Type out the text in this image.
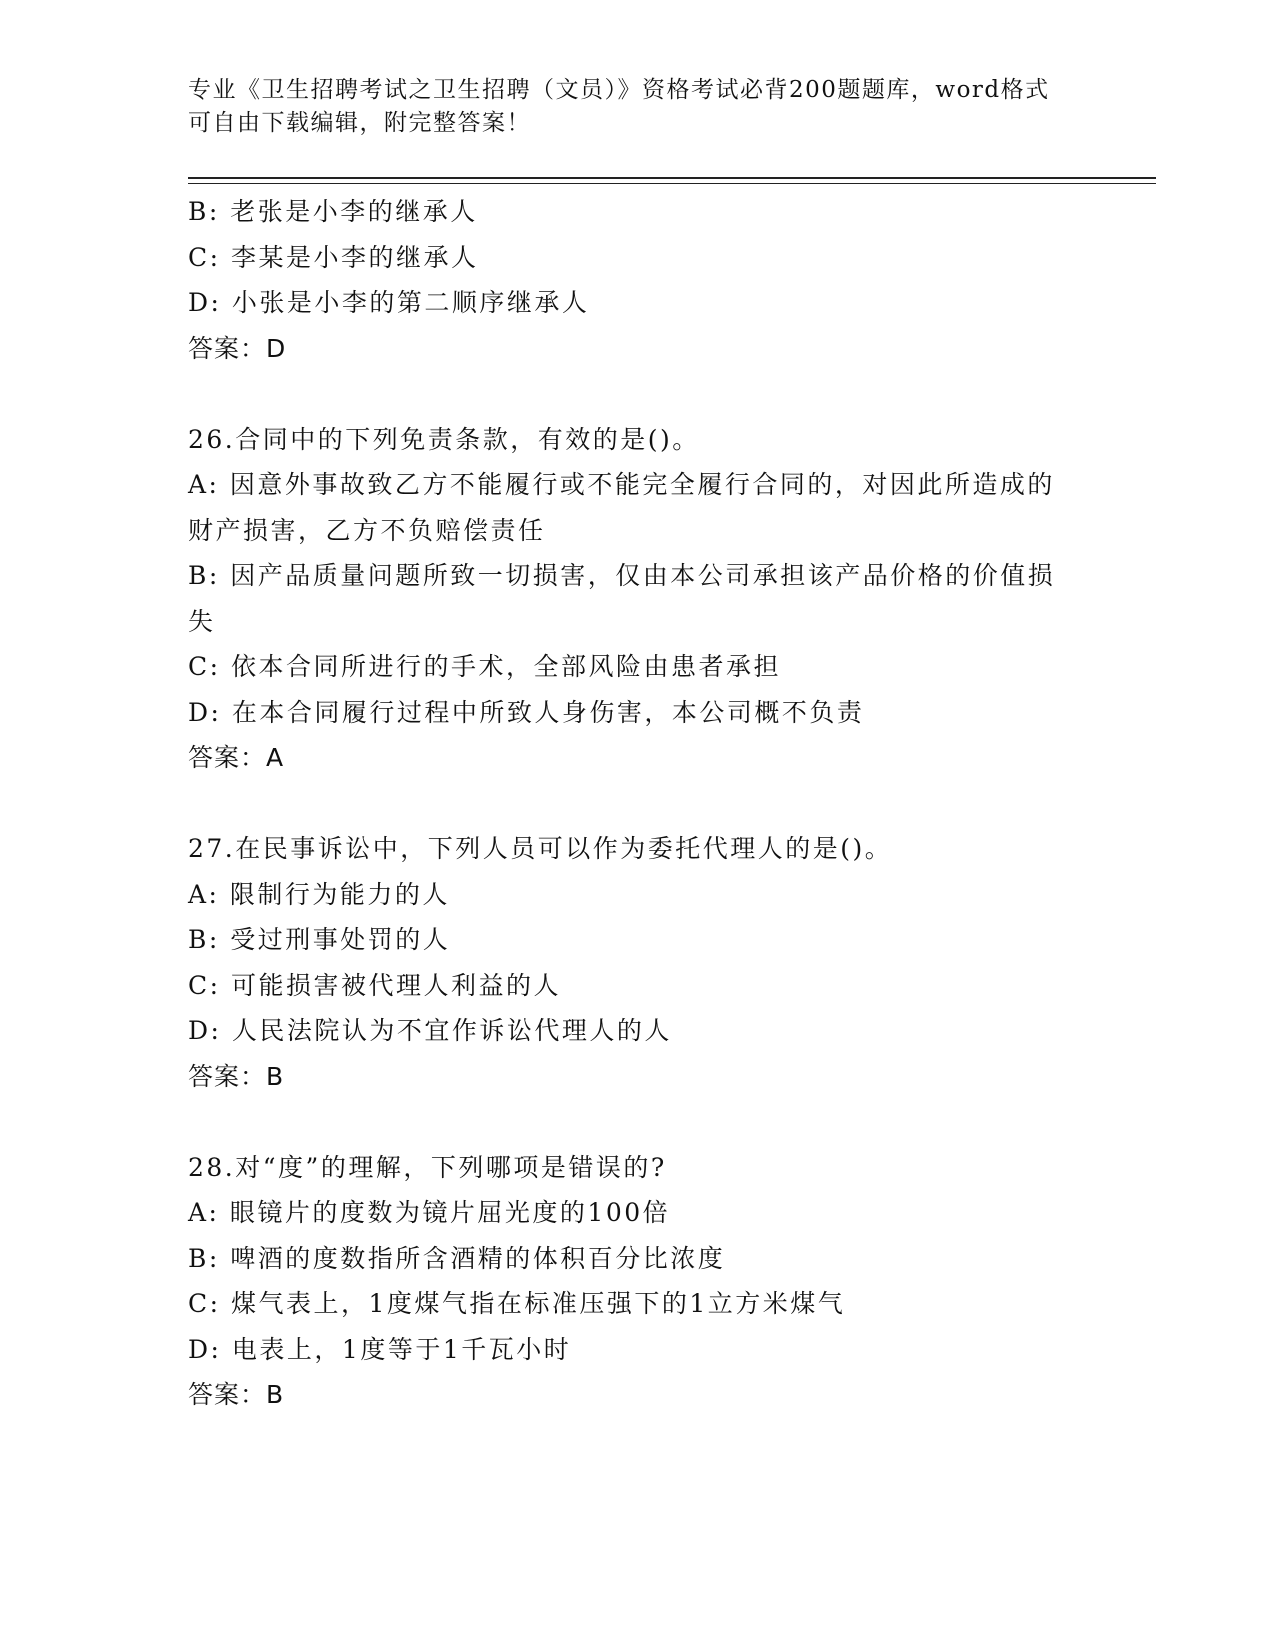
专业《卫生招聘考试之卫生招聘（文员）》资格考试必背200题题库，word格式
可自由下载编辑，附完整答案！
B: 老张是小李的继承人
C: 李某是小李的继承人
D: 小张是小李的第二顺序继承人
答案：D
26.合同中的下列免责条款，有效的是()。
A: 因意外事故致乙方不能履行或不能完全履行合同的，对因此所造成的财产损害，乙方不负赔偿责任
B: 因产品质量问题所致一切损害，仅由本公司承担该产品价格的价值损失
C: 依本合同所进行的手术，全部风险由患者承担
D: 在本合同履行过程中所致人身伤害，本公司概不负责
答案：A
27.在民事诉讼中，下列人员可以作为委托代理人的是()。
A: 限制行为能力的人
B: 受过刑事处罚的人
C: 可能损害被代理人利益的人
D: 人民法院认为不宜作诉讼代理人的人
答案：B
28.对“度”的理解，下列哪项是错误的?
A: 眼镜片的度数为镜片屈光度的100倍
B: 啤酒的度数指所含酒精的体积百分比浓度
C: 煤气表上，1度煤气指在标准压强下的1立方米煤气
D: 电表上，1度等于1千瓦小时
答案：B
